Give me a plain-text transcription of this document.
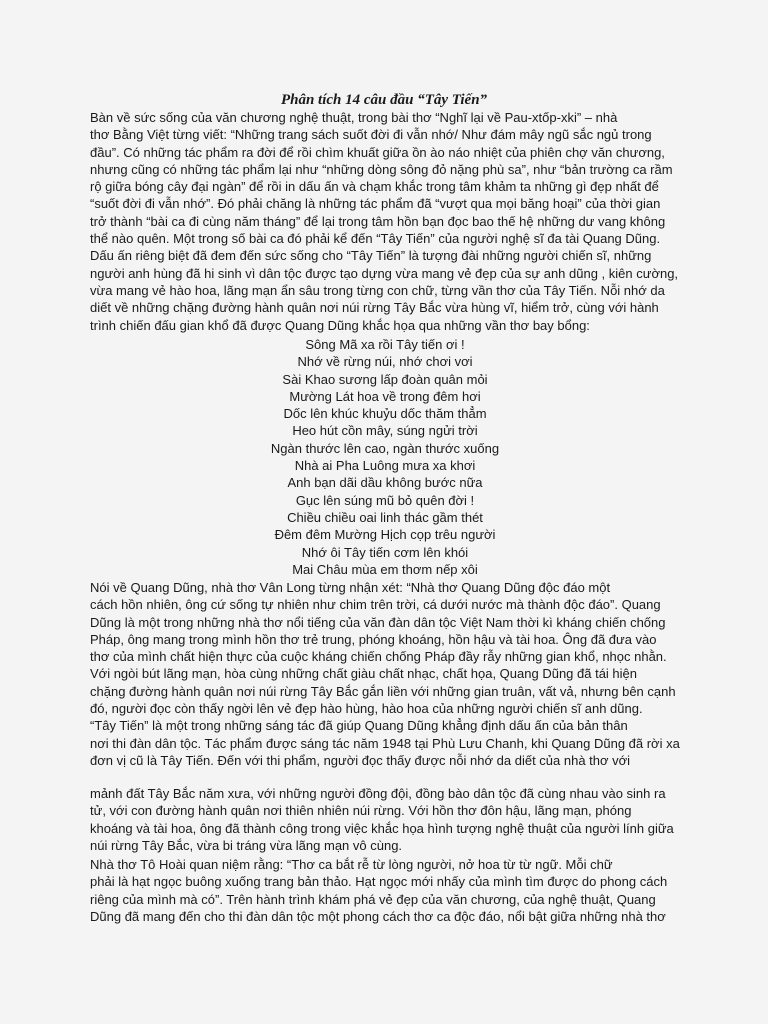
Phân tích 14 câu đầu “Tây Tiến”
Bàn về sức sống của văn chương nghệ thuật, trong bài thơ “Nghĩ lại về Pau-xtốp-xki” – nhà
thơ Bằng Việt từng viết: “Những trang sách suốt đời đi vẫn nhớ/ Như đám mây ngũ sắc ngủ trong
đầu”. Có những tác phẩm ra đời để rồi chìm khuất giữa ồn ào náo nhiệt của phiên chợ văn chương,
nhưng cũng có những tác phẩm lại như “những dòng sông đỏ nặng phù sa”, như “bản trường ca rầm
rộ giữa bóng cây đại ngàn” để rồi in dấu ấn và chạm khắc trong tâm khảm ta những gì đẹp nhất để
“suốt đời đi vẫn nhớ”. Đó phải chăng là những tác phẩm đã “vượt qua mọi băng hoại” của thời gian
trở thành “bài ca đi cùng năm tháng” để lại trong tâm hồn bạn đọc bao thế hệ những dư vang không
thể nào quên. Một trong số bài ca đó phải kể đến “Tây Tiến” của người nghệ sĩ đa tài Quang Dũng.
Dấu ấn riêng biệt đã đem đến sức sống cho “Tây Tiến” là tượng đài những người chiến sĩ, những
người anh hùng đã hi sinh vì dân tộc được tạo dựng vừa mang vẻ đẹp của sự anh dũng , kiên cường,
vừa mang vẻ hào hoa, lãng mạn ẩn sâu trong từng con chữ, từng vần thơ của Tây Tiến. Nỗi nhớ da
diết về những chặng đường hành quân nơi núi rừng Tây Bắc vừa hùng vĩ, hiểm trở, cùng với hành
trình chiến đấu gian khổ đã được Quang Dũng khắc họa qua những vần thơ bay bổng:
Sông Mã xa rồi Tây tiến ơi !
Nhớ về rừng núi, nhớ chơi vơi
Sài Khao sương lấp đoàn quân mỏi
Mường Lát hoa về trong đêm hơi
Dốc lên khúc khuỷu dốc thăm thẳm
Heo hút cồn mây, súng ngửi trời
Ngàn thước lên cao, ngàn thước xuống
Nhà ai Pha Luông mưa xa khơi
Anh bạn dãi dầu không bước nữa
Gục lên súng mũ bỏ quên đời !
Chiều chiều oai linh thác gầm thét
Đêm đêm Mường Hịch cọp trêu người
Nhớ ôi Tây tiến cơm lên khói
Mai Châu mùa em thơm nếp xôi
Nói về Quang Dũng, nhà thơ Vân Long từng nhận xét: “Nhà thơ Quang Dũng độc đáo một
cách hồn nhiên, ông cứ sống tự nhiên như chim trên trời, cá dưới nước mà thành độc đáo”. Quang
Dũng là một trong những nhà thơ nổi tiếng của văn đàn dân tộc Việt Nam thời kì kháng chiến chống
Pháp, ông mang trong mình hồn thơ trẻ trung, phóng khoáng, hồn hậu và tài hoa. Ông đã đưa vào
thơ của mình chất hiện thực của cuộc kháng chiến chống Pháp đầy rẫy những gian khổ, nhọc nhằn.
Với ngòi bút lãng mạn, hòa cùng những chất giàu chất nhạc, chất họa, Quang Dũng đã tái hiện
chặng đường hành quân nơi núi rừng Tây Bắc gắn liền với những gian truân, vất vả, nhưng bên cạnh
đó, người đọc còn thấy ngời lên vẻ đẹp hào hùng, hào hoa của những người chiến sĩ anh dũng.
“Tây Tiến” là một trong những sáng tác đã giúp Quang Dũng khẳng định dấu ấn của bản thân
nơi thi đàn dân tộc. Tác phẩm được sáng tác năm 1948 tại Phù Lưu Chanh, khi Quang Dũng đã rời xa
đơn vị cũ là Tây Tiến. Đến với thi phẩm, người đọc thấy được nỗi nhớ da diết của nhà thơ với
mảnh đất Tây Bắc năm xưa, với những người đồng đội, đồng bào dân tộc đã cùng nhau vào sinh ra
tử, với con đường hành quân nơi thiên nhiên núi rừng. Với hồn thơ đôn hậu, lãng mạn, phóng
khoáng và tài hoa, ông đã thành công trong việc khắc họa hình tượng nghệ thuật của người lính giữa
núi rừng Tây Bắc, vừa bi tráng vừa lãng mạn vô cùng.
Nhà thơ Tô Hoài quan niệm rằng: “Thơ ca bắt rễ từ lòng người, nở hoa từ từ ngữ. Mỗi chữ
phải là hạt ngọc buông xuống trang bản thảo. Hạt ngọc mới nhấy của mình tìm được do phong cách
riêng của mình mà có”. Trên hành trình khám phá vẻ đẹp của văn chương, của nghệ thuật, Quang
Dũng đã mang đến cho thi đàn dân tộc một phong cách thơ ca độc đáo, nổi bật giữa những nhà thơ
